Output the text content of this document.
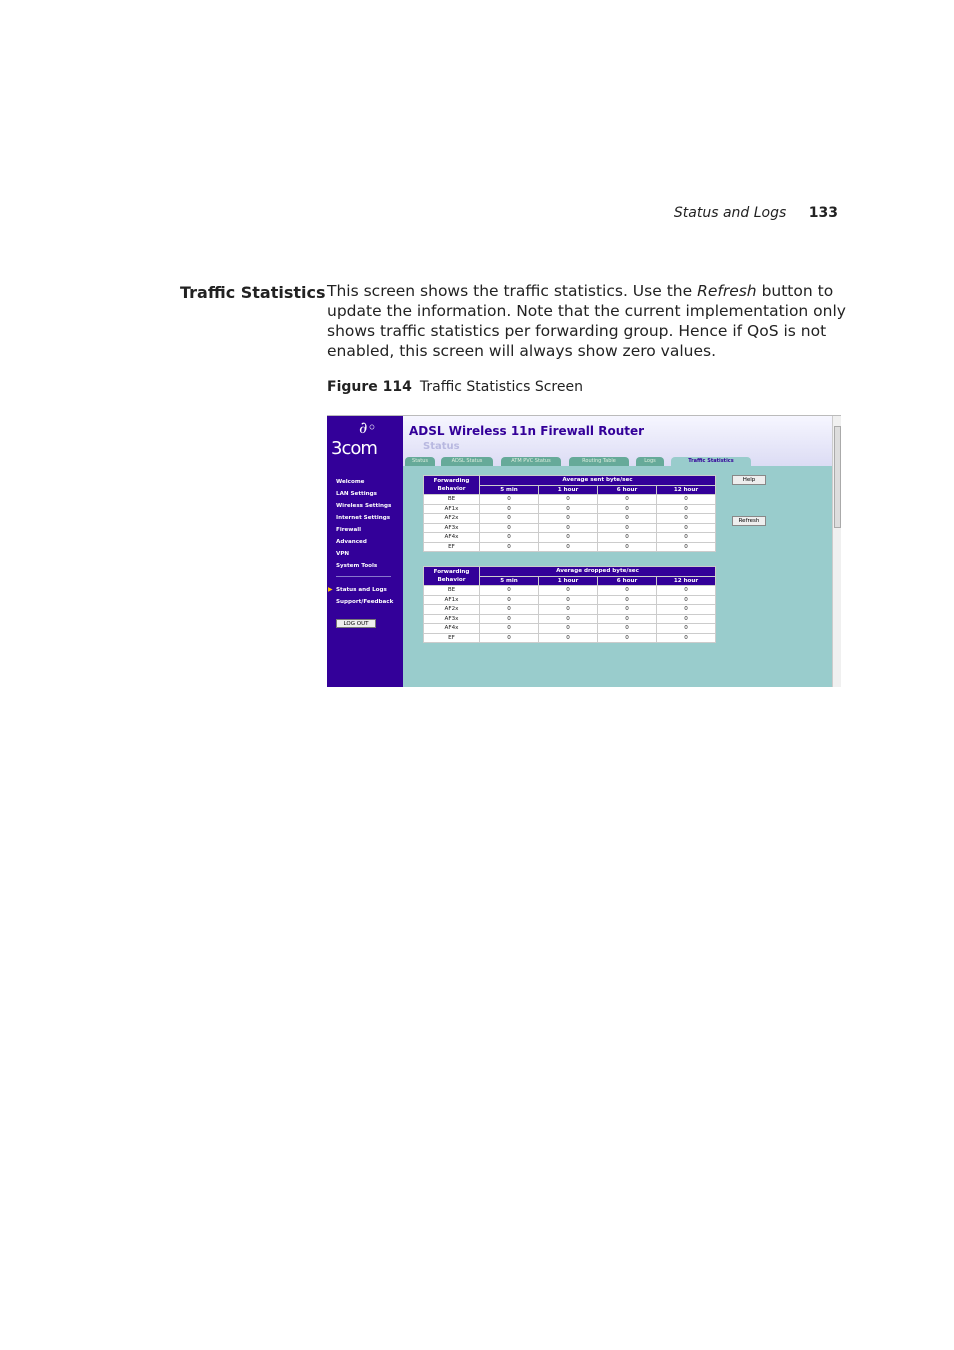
Status and Logs 133
Traffic Statistics This screen shows the traffic statistics. Use the Refresh button to update the information. Note that the current implementation only shows traffic statistics per forwarding group. Hence if QoS is not enabled, this screen will always show zero values.
Figure 114 Traffic Statistics Screen
∂◦
3com
Welcome
LAN Settings
Wireless Settings
Internet Settings
Firewall
Advanced
VPN
System Tools
▶ Status and Logs
Support/Feedback
LOG OUT
ADSL Wireless 11n Firewall Router
Status
Status	ADSL Status	ATM PVC Status	Routing Table	Logs	Traffic Statistics
Forwarding
Behavior	Average sent byte/sec			
	5 min	1 hour	6 hour	12 hour
BE	0	0	0	0
AF1x	0	0	0	0
AF2x	0	0	0	0
AF3x	0	0	0	0
AF4x	0	0	0	0
EF	0	0	0	0
Forwarding
Behavior	Average dropped byte/sec			
	5 min	1 hour	6 hour	12 hour
BE	0	0	0	0
AF1x	0	0	0	0
AF2x	0	0	0	0
AF3x	0	0	0	0
AF4x	0	0	0	0
EF	0	0	0	0
Help
Refresh
